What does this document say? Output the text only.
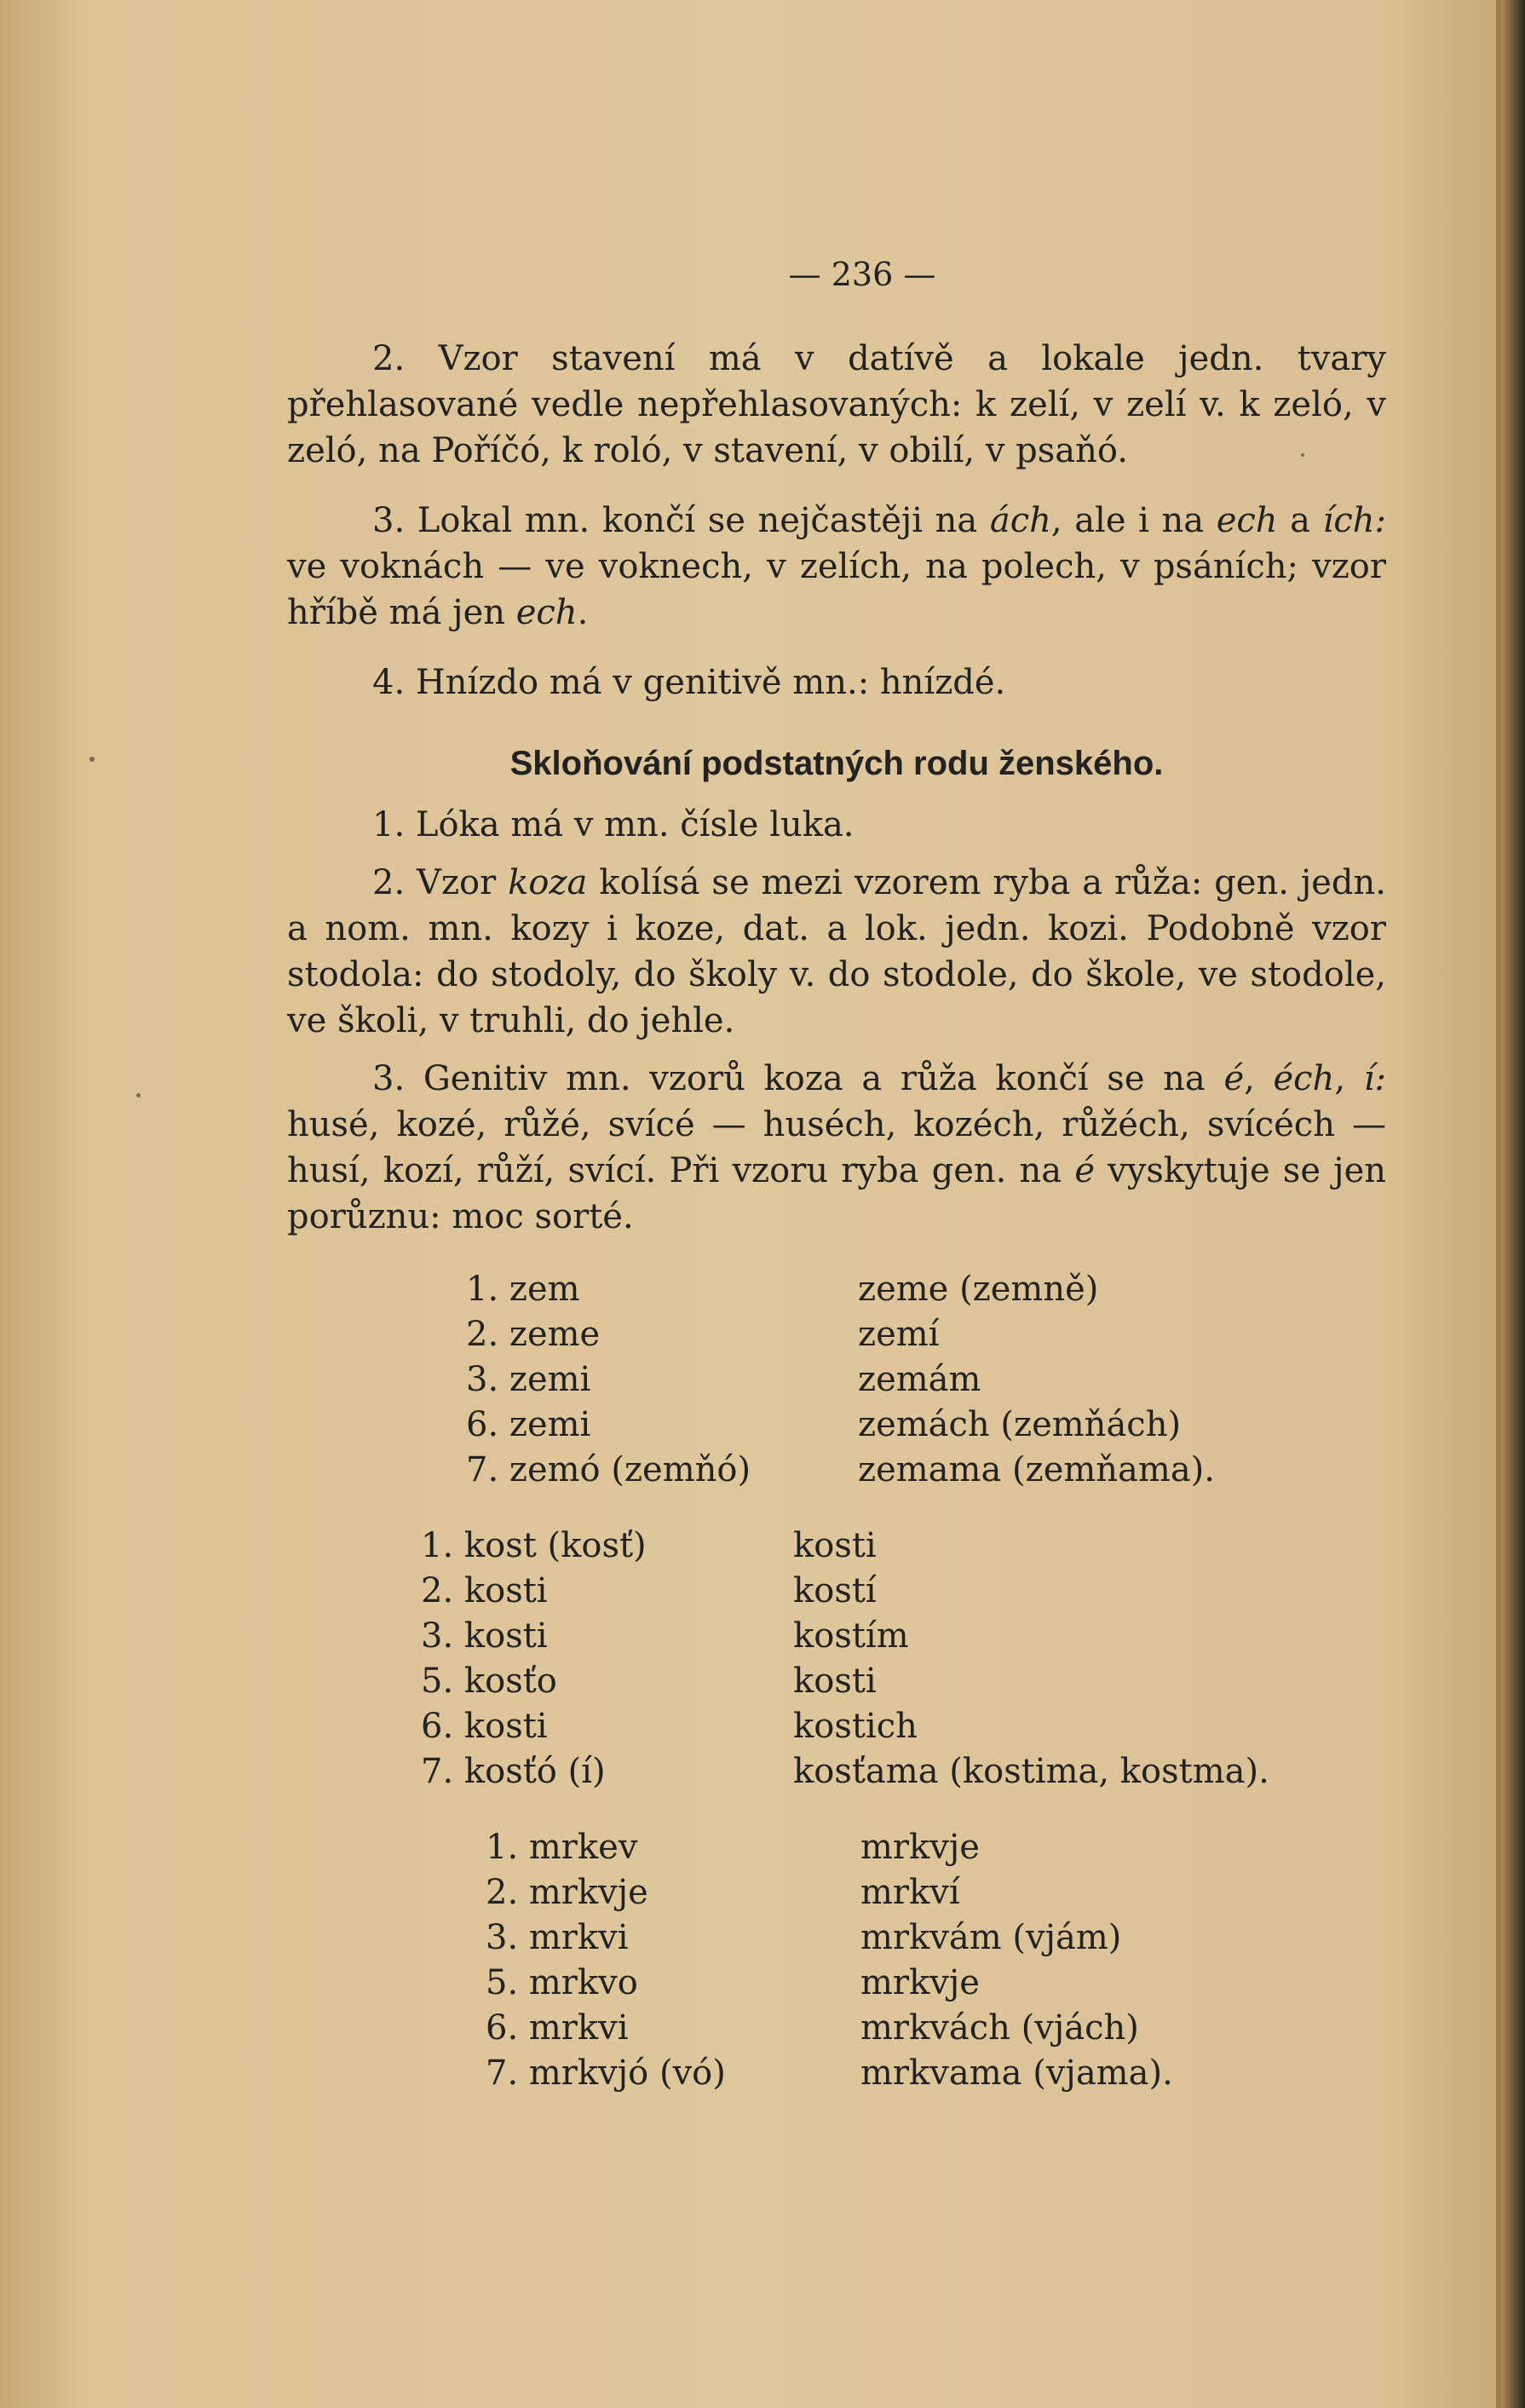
— 236 —

2. Vzor stavení má v datívě a lokale jedn. tvary přehlasované vedle nepřehlasovaných: k zelí, v zelí v. k zeló, v zeló, na Poříčó, k roló, v stavení, v obilí, v psaňó.

3. Lokal mn. končí se nejčastěji na ách, ale i na ech a ích: ve voknách — ve voknech, v zelích, na polech, v psáních; vzor hříbě má jen ech.

4. Hnízdo má v genitivě mn.: hnízdé.

Skloňování podstatných rodu ženského.

1. Lóka má v mn. čísle luka.

2. Vzor koza kolísá se mezi vzorem ryba a růža: gen. jedn. a nom. mn. kozy i koze, dat. a lok. jedn. kozi. Podobně vzor stodola: do stodoly, do školy v. do stodole, do škole, ve stodole, ve školi, v truhli, do jehle.

3. Genitiv mn. vzorů koza a růža končí se na é, éch, í: husé, kozé, růžé, svícé — huséch, kozéch, růžéch, svícéch — husí, kozí, růží, svící. Při vzoru ryba gen. na é vyskytuje se jen porůznu: moc sorté.

1. zem	zeme (zemně)
2. zeme	zemí
3. zemi	zemám
6. zemi	zemách (zemňách)
7. zemó (zemňó)	zemama (zemňama).
1. kost (kosť)	kosti
2. kosti	kostí
3. kosti	kostím
5. kosťo	kosti
6. kosti	kostich
7. kosťó (í)	kosťama (kostima, kostma).
1. mrkev	mrkvje
2. mrkvje	mrkví
3. mrkvi	mrkvám (vjám)
5. mrkvo	mrkvje
6. mrkvi	mrkvách (vjách)
7. mrkvjó (vó)	mrkvama (vjama).
